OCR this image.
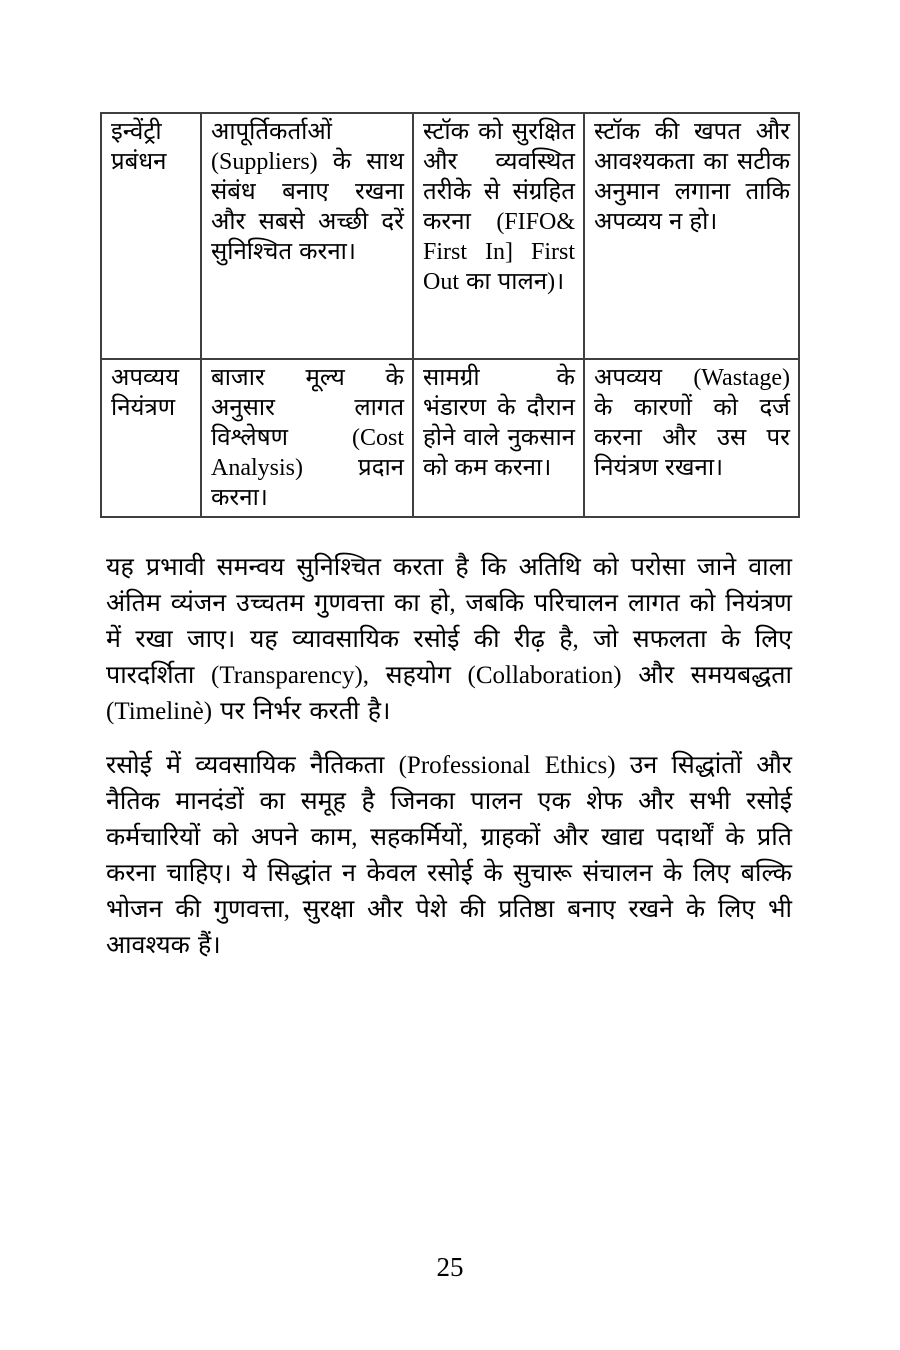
इन्वेंट्री प्रबंधन	आपूर्तिकर्ताओं (Suppliers) के साथ संबंध बनाए रखना और सबसे अच्छी दरें सुनिश्चित करना।	स्टॉक को सुरक्षित और व्यवस्थित तरीके से संग्रहित करना (FIFO& First In] First Out का पालन)।	स्टॉक की खपत और आवश्यकता का सटीक अनुमान लगाना ताकि अपव्यय न हो।
अपव्यय नियंत्रण	बाजार मूल्य के अनुसार लागत विश्लेषण (Cost Analysis) प्रदान करना।	सामग्री के भंडारण के दौरान होने वाले नुकसान को कम करना।	अपव्यय (Wastage) के कारणों को दर्ज करना और उस पर नियंत्रण रखना।

यह प्रभावी समन्वय सुनिश्चित करता है कि अतिथि को परोसा जाने वाला अंतिम व्यंजन उच्चतम गुणवत्ता का हो, जबकि परिचालन लागत को नियंत्रण में रखा जाए। यह व्यावसायिक रसोई की रीढ़ है, जो सफलता के लिए पारदर्शिता (Transparency), सहयोग (Collaboration) और समयबद्धता (Timelinè) पर निर्भर करती है।

रसोई में व्यवसायिक नैतिकता (Professional Ethics) उन सिद्धांतों और नैतिक मानदंडों का समूह है जिनका पालन एक शेफ और सभी रसोई कर्मचारियों को अपने काम, सहकर्मियों, ग्राहकों और खाद्य पदार्थों के प्रति करना चाहिए। ये सिद्धांत न केवल रसोई के सुचारू संचालन के लिए बल्कि भोजन की गुणवत्ता, सुरक्षा और पेशे की प्रतिष्ठा बनाए रखने के लिए भी आवश्यक हैं।

25
